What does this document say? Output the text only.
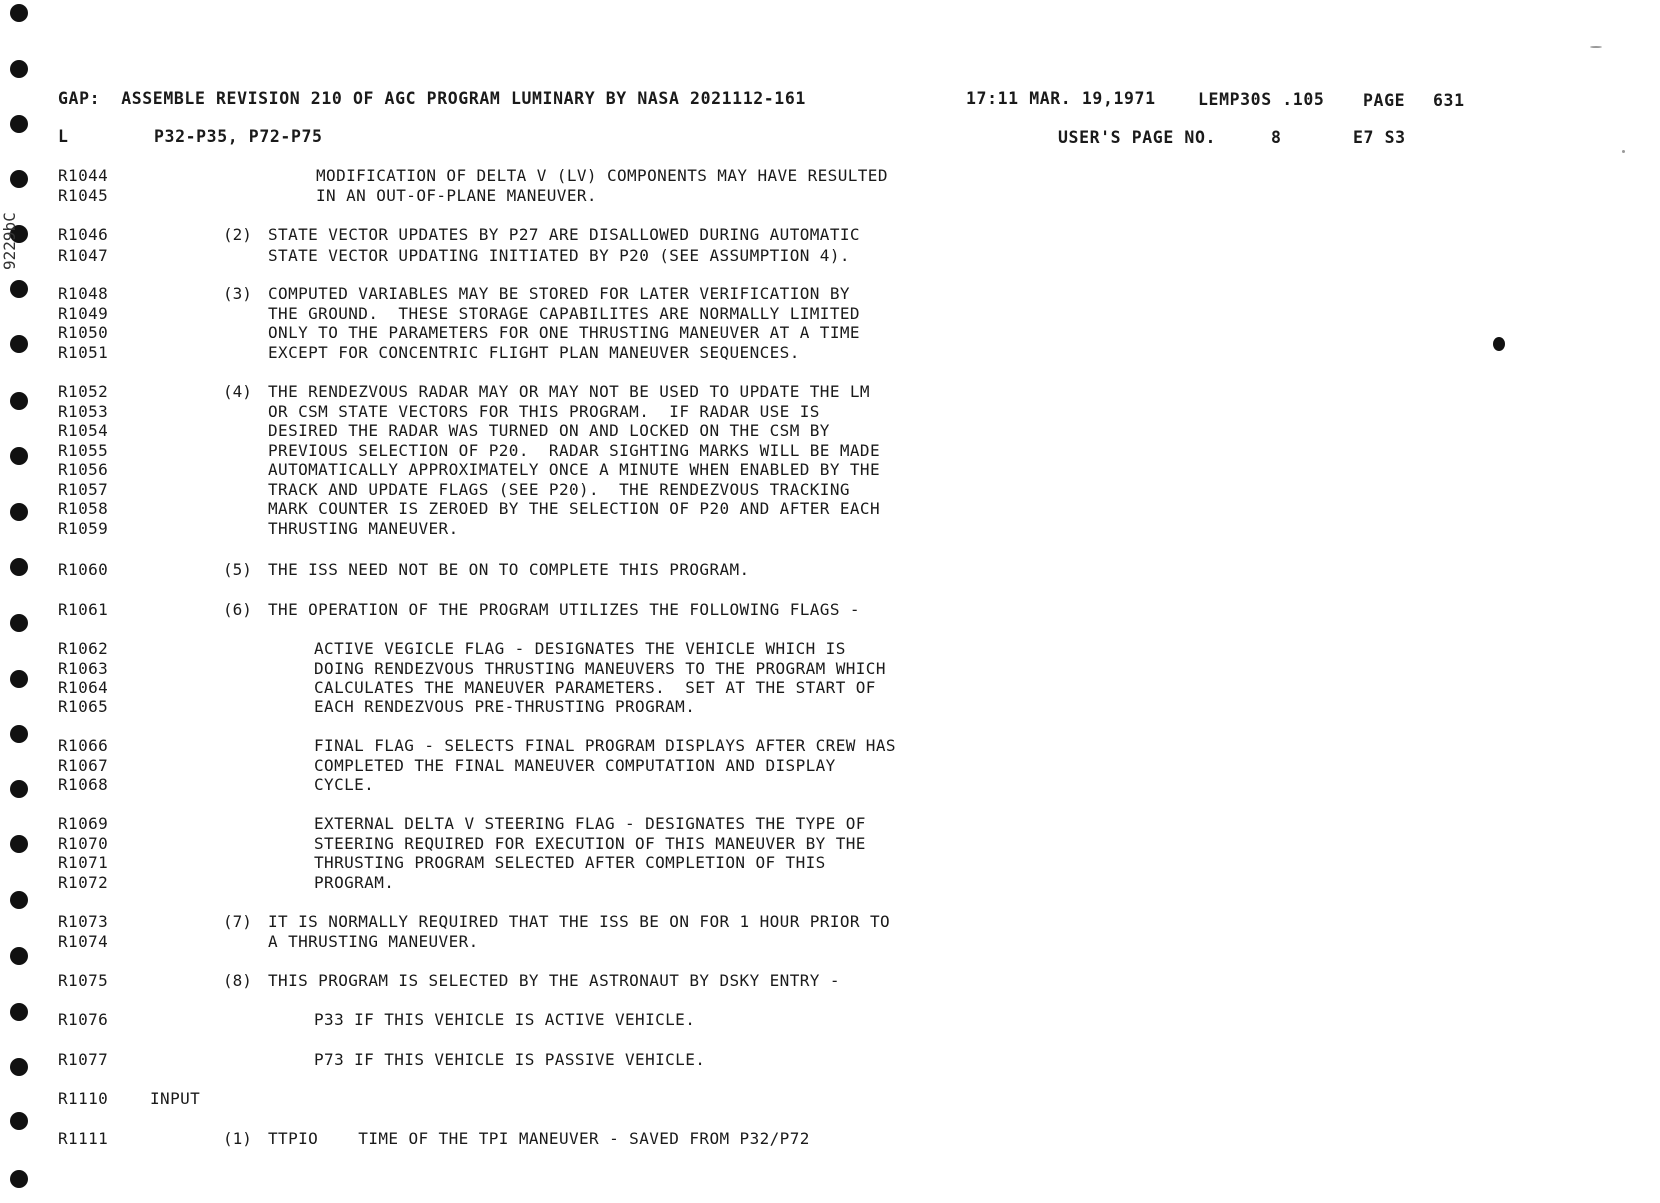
9229bC
GAP:  ASSEMBLE REVISION 210 OF AGC PROGRAM LUMINARY BY NASA 2021112-161	17:11 MAR. 19,1971	LEMP30S .105 PAGE 631
L	P32-P35, P72-P75	USER'S PAGE NO.	8	E7 S3
R1044	MODIFICATION OF DELTA V (LV) COMPONENTS MAY HAVE RESULTED
R1045	IN AN OUT-OF-PLANE MANEUVER.
R1046	(2) STATE VECTOR UPDATES BY P27 ARE DISALLOWED DURING AUTOMATIC
R1047	STATE VECTOR UPDATING INITIATED BY P20 (SEE ASSUMPTION 4).
R1048	(3) COMPUTED VARIABLES MAY BE STORED FOR LATER VERIFICATION BY
R1049	THE GROUND.  THESE STORAGE CAPABILITES ARE NORMALLY LIMITED
R1050	ONLY TO THE PARAMETERS FOR ONE THRUSTING MANEUVER AT A TIME
R1051	EXCEPT FOR CONCENTRIC FLIGHT PLAN MANEUVER SEQUENCES.
R1052	(4) THE RENDEZVOUS RADAR MAY OR MAY NOT BE USED TO UPDATE THE LM
R1053	OR CSM STATE VECTORS FOR THIS PROGRAM.  IF RADAR USE IS
R1054	DESIRED THE RADAR WAS TURNED ON AND LOCKED ON THE CSM BY
R1055	PREVIOUS SELECTION OF P20.  RADAR SIGHTING MARKS WILL BE MADE
R1056	AUTOMATICALLY APPROXIMATELY ONCE A MINUTE WHEN ENABLED BY THE
R1057	TRACK AND UPDATE FLAGS (SEE P20).  THE RENDEZVOUS TRACKING
R1058	MARK COUNTER IS ZEROED BY THE SELECTION OF P20 AND AFTER EACH
R1059	THRUSTING MANEUVER.
R1060	(5) THE ISS NEED NOT BE ON TO COMPLETE THIS PROGRAM.
R1061	(6) THE OPERATION OF THE PROGRAM UTILIZES THE FOLLOWING FLAGS -
R1062	ACTIVE VEGICLE FLAG - DESIGNATES THE VEHICLE WHICH IS
R1063	DOING RENDEZVOUS THRUSTING MANEUVERS TO THE PROGRAM WHICH
R1064	CALCULATES THE MANEUVER PARAMETERS.  SET AT THE START OF
R1065	EACH RENDEZVOUS PRE-THRUSTING PROGRAM.
R1066	FINAL FLAG - SELECTS FINAL PROGRAM DISPLAYS AFTER CREW HAS
R1067	COMPLETED THE FINAL MANEUVER COMPUTATION AND DISPLAY
R1068	CYCLE.
R1069	EXTERNAL DELTA V STEERING FLAG - DESIGNATES THE TYPE OF
R1070	STEERING REQUIRED FOR EXECUTION OF THIS MANEUVER BY THE
R1071	THRUSTING PROGRAM SELECTED AFTER COMPLETION OF THIS
R1072	PROGRAM.
R1073	(7) IT IS NORMALLY REQUIRED THAT THE ISS BE ON FOR 1 HOUR PRIOR TO
R1074	A THRUSTING MANEUVER.
R1075	(8) THIS PROGRAM IS SELECTED BY THE ASTRONAUT BY DSKY ENTRY -
R1076	P33 IF THIS VEHICLE IS ACTIVE VEHICLE.
R1077	P73 IF THIS VEHICLE IS PASSIVE VEHICLE.
R1110	INPUT
R1111	(1) TTPIO    TIME OF THE TPI MANEUVER - SAVED FROM P32/P72
